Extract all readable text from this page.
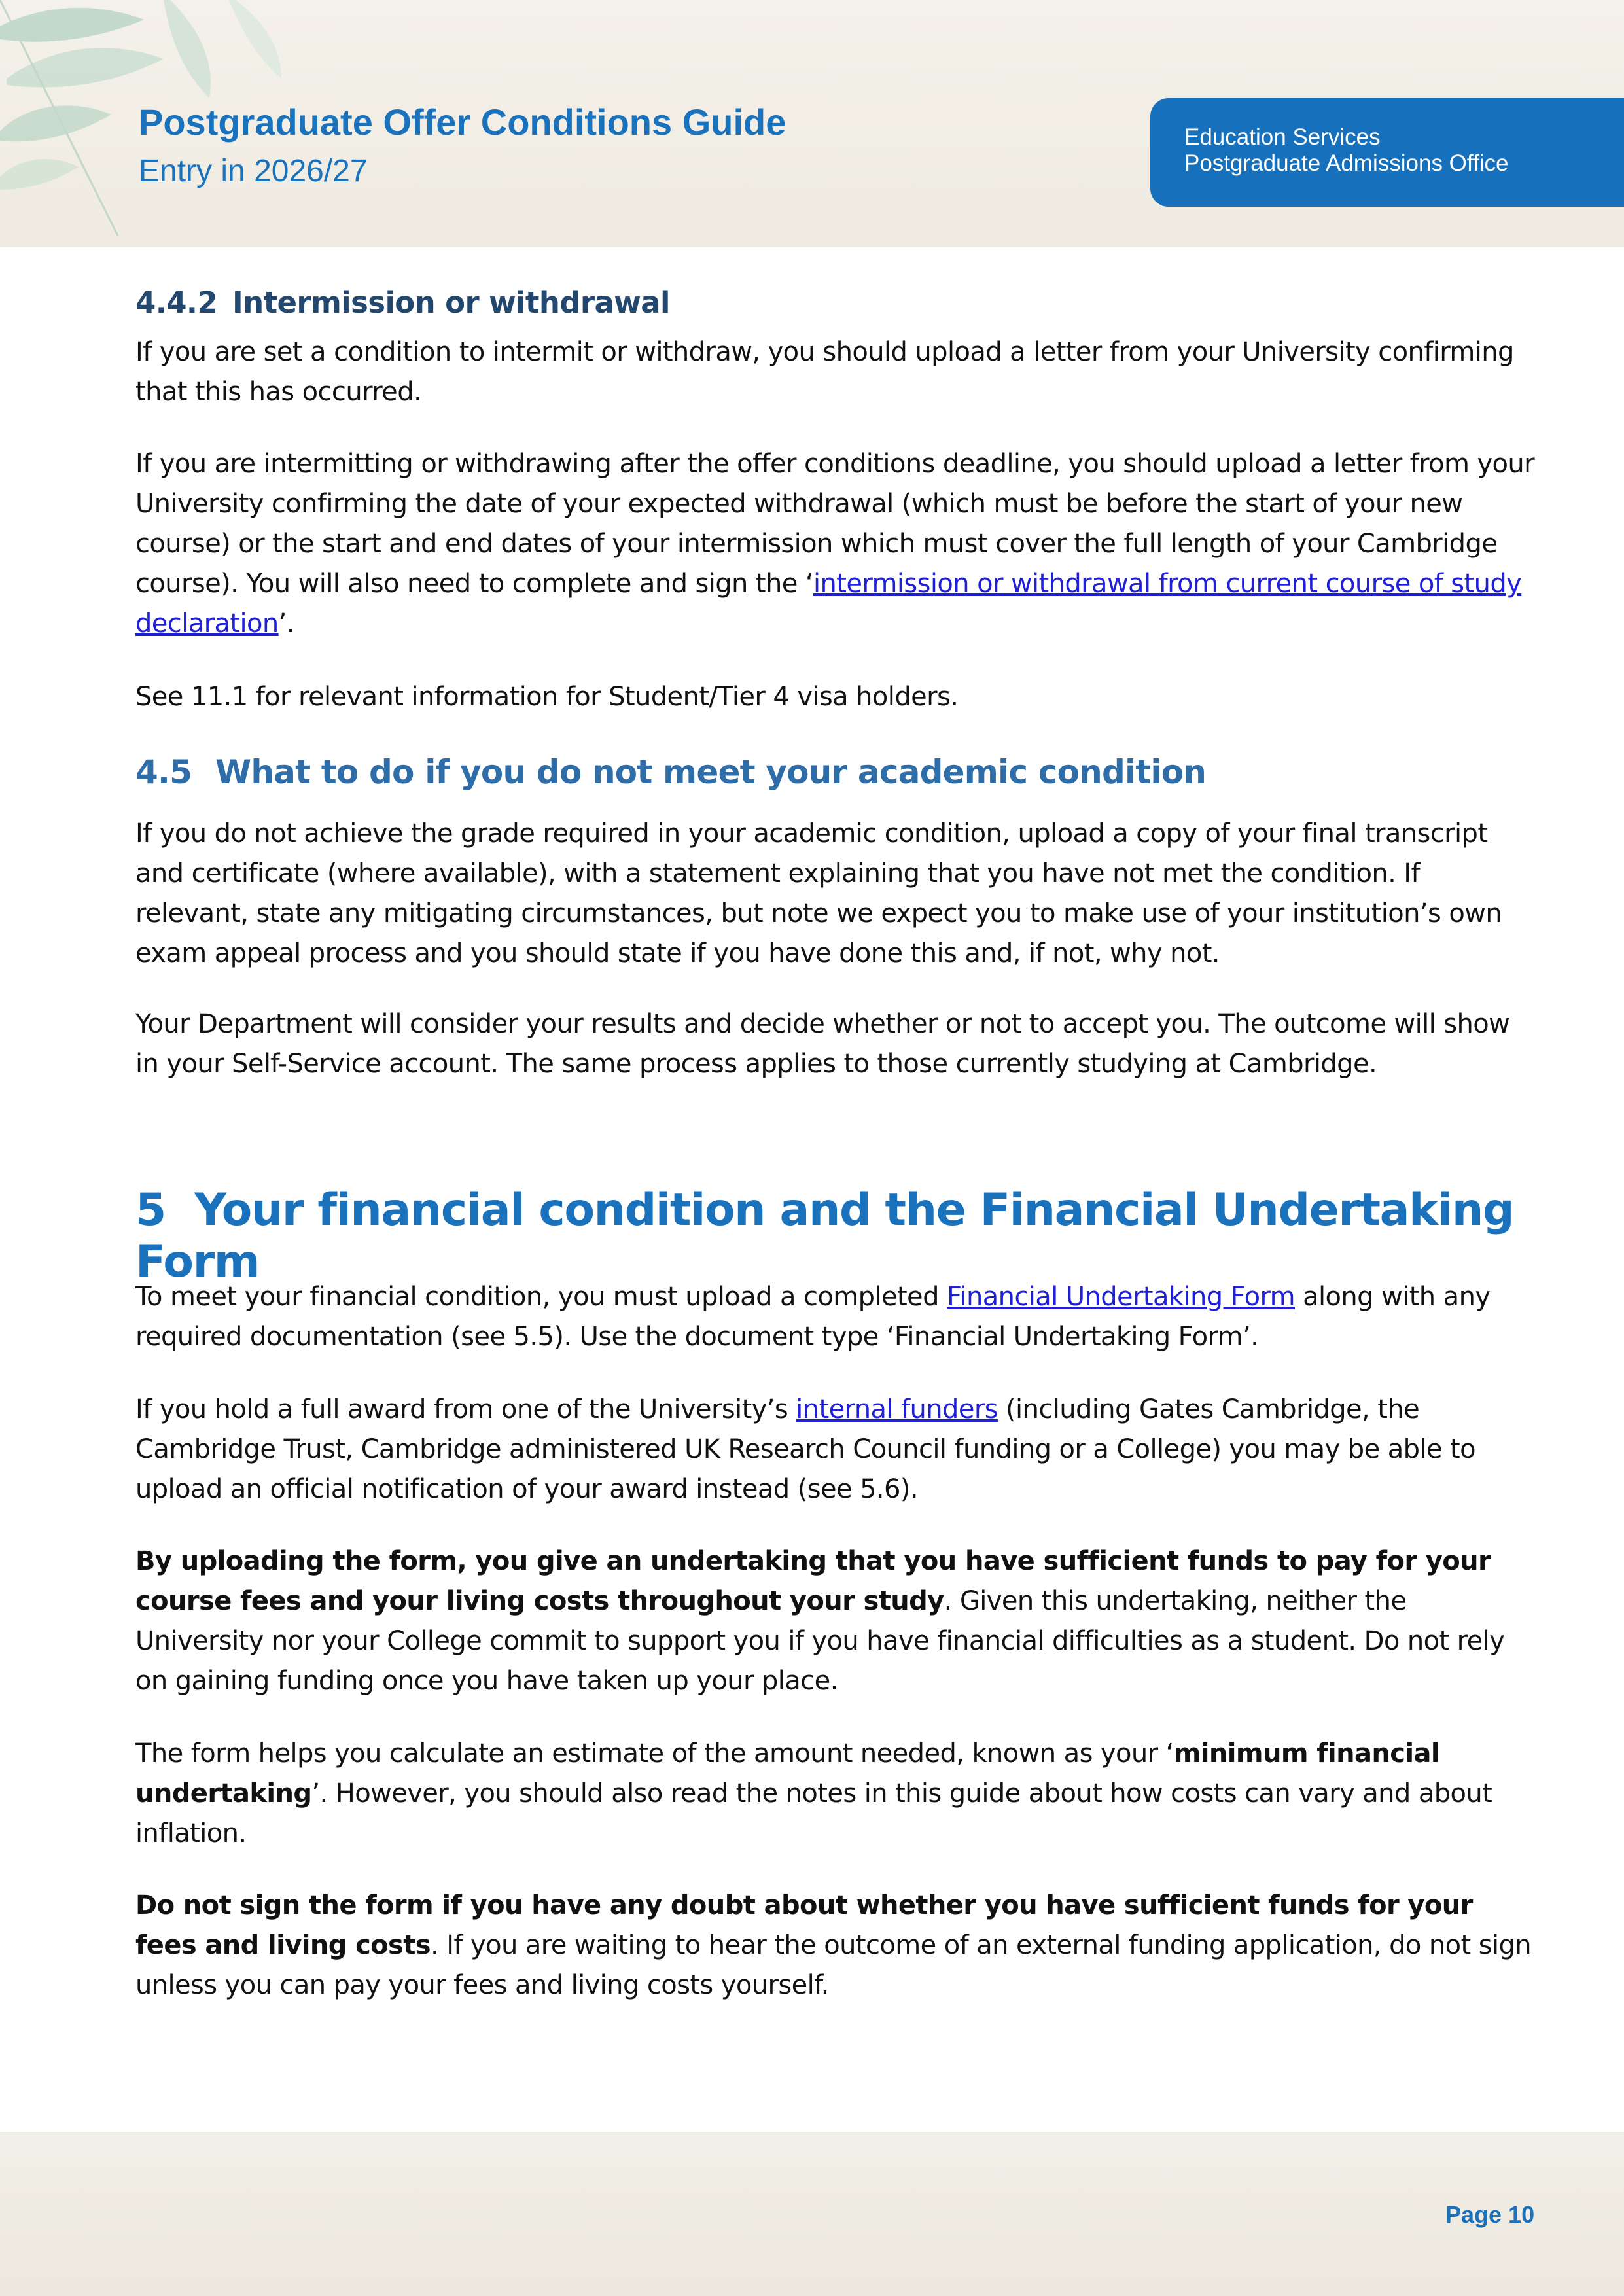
Postgraduate Offer Conditions Guide
Entry in 2026/27
Education Services
Postgraduate Admissions Office

4.4.2 Intermission or withdrawal

If you are set a condition to intermit or withdraw, you should upload a letter from your University confirming that this has occurred.

If you are intermitting or withdrawing after the offer conditions deadline, you should upload a letter from your University confirming the date of your expected withdrawal (which must be before the start of your new course) or the start and end dates of your intermission which must cover the full length of your Cambridge course). You will also need to complete and sign the ‘intermission or withdrawal from current course of study declaration’.

See 11.1 for relevant information for Student/Tier 4 visa holders.

4.5 What to do if you do not meet your academic condition

If you do not achieve the grade required in your academic condition, upload a copy of your final transcript and certificate (where available), with a statement explaining that you have not met the condition. If relevant, state any mitigating circumstances, but note we expect you to make use of your institution’s own exam appeal process and you should state if you have done this and, if not, why not.

Your Department will consider your results and decide whether or not to accept you. The outcome will show in your Self-Service account. The same process applies to those currently studying at Cambridge.

5 Your financial condition and the Financial Undertaking Form

To meet your financial condition, you must upload a completed Financial Undertaking Form along with any required documentation (see 5.5). Use the document type ‘Financial Undertaking Form’.

If you hold a full award from one of the University’s internal funders (including Gates Cambridge, the Cambridge Trust, Cambridge administered UK Research Council funding or a College) you may be able to upload an official notification of your award instead (see 5.6).

By uploading the form, you give an undertaking that you have sufficient funds to pay for your course fees and your living costs throughout your study. Given this undertaking, neither the University nor your College commit to support you if you have financial difficulties as a student. Do not rely on gaining funding once you have taken up your place.

The form helps you calculate an estimate of the amount needed, known as your ‘minimum financial undertaking’. However, you should also read the notes in this guide about how costs can vary and about inflation.

Do not sign the form if you have any doubt about whether you have sufficient funds for your fees and living costs. If you are waiting to hear the outcome of an external funding application, do not sign unless you can pay your fees and living costs yourself.

Page 10
